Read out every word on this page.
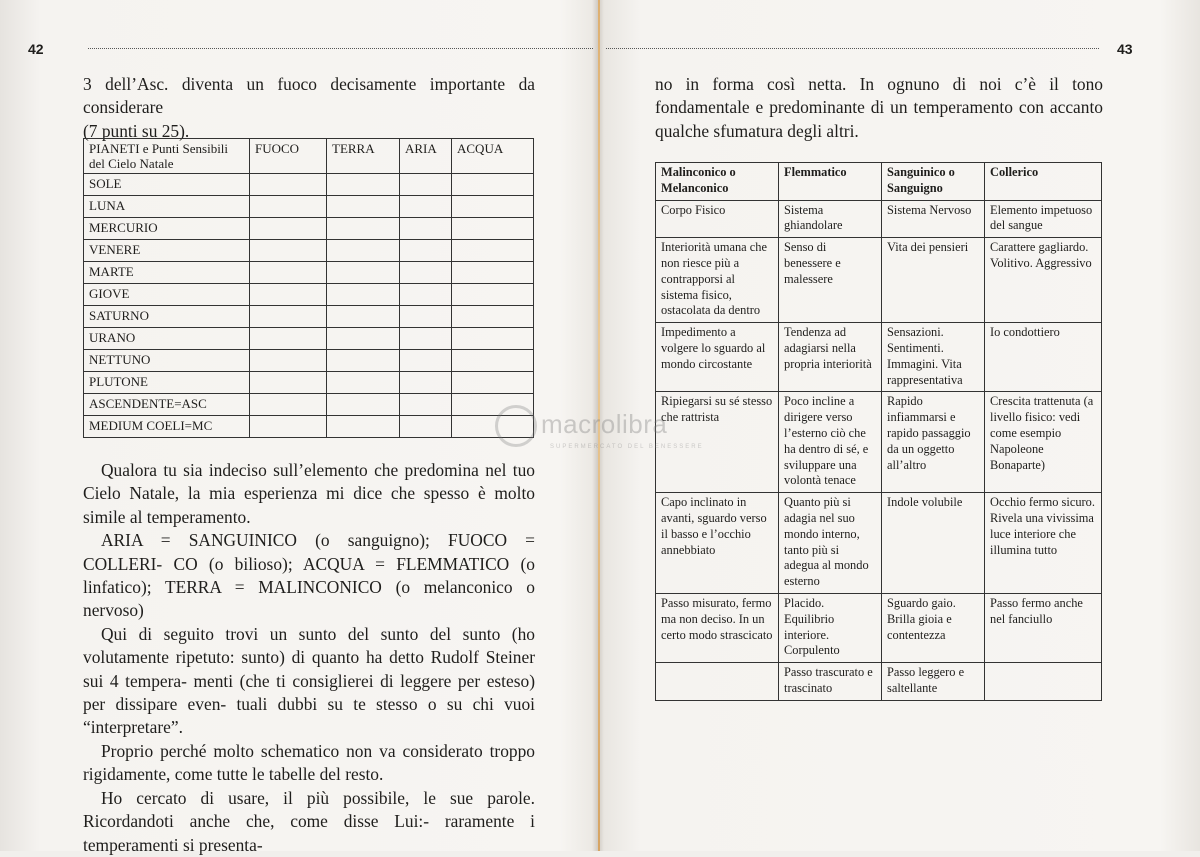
42
3 dell’Asc. diventa un fuoco decisamente importante da considerare
(7 punti su 25).
PIANETI e Punti Sensibili del Cielo Natale	FUOCO	TERRA	ARIA	ACQUA
SOLE				
LUNA				
MERCURIO				
VENERE				
MARTE				
GIOVE				
SATURNO				
URANO				
NETTUNO				
PLUTONE				
ASCENDENTE=ASC				
MEDIUM COELI=MC				
Qualora tu sia indeciso sull’elemento che predomina nel tuo Cielo Natale, la mia esperienza mi dice che spesso è molto simile al temperamento.
ARIA = SANGUINICO (o sanguigno); FUOCO = COLLERI- CO (o bilioso); ACQUA = FLEMMATICO (o linfatico); TERRA = MALINCONICO (o melanconico o nervoso)
Qui di seguito trovi un sunto del sunto del sunto (ho volutamente ripetuto: sunto) di quanto ha detto Rudolf Steiner sui 4 tempera- menti (che ti consiglierei di leggere per esteso) per dissipare even- tuali dubbi su te stesso o su chi vuoi “interpretare”.
Proprio perché molto schematico non va considerato troppo rigidamente, come tutte le tabelle del resto.
Ho cercato di usare, il più possibile, le sue parole. Ricordandoti anche che, come disse Lui:- raramente i temperamenti si presenta-
43
no in forma così netta. In ognuno di noi c’è il tono fondamentale e predominante di un temperamento con accanto qualche sfumatura degli altri.
Malinconico o Melanconico	Flemmatico	Sanguinico o Sanguigno	Collerico
Corpo Fisico	Sistema ghiandolare	Sistema Nervoso	Elemento impetuoso del sangue
Interiorità umana che non riesce più a contrapporsi al sistema fisico, ostacolata da dentro	Senso di benessere e malessere	Vita dei pensieri	Carattere gagliardo. Volitivo. Aggressivo
Impedimento a volgere lo sguardo al mondo circostante	Tendenza ad adagiarsi nella propria interiorità	Sensazioni. Sentimenti. Immagini. Vita rappresentativa	Io condottiero
Ripiegarsi su sé stesso che rattrista	Poco incline a dirigere verso l’esterno ciò che ha dentro di sé, e svilupparе una volontà tenace	Rapido infiammarsi e rapido passaggio da un oggetto all’altro	Crescita trattenuta (a livello fisico: vedi come esempio Napoleone Bonaparte)
Capo inclinato in avanti, sguardo verso il basso e l’occhio annebbiato	Quanto più si adagia nel suo mondo interno, tanto più si adegua al mondo esterno	Indole volubile	Occhio fermo sicuro. Rivela una vivissima luce interiore che illumina tutto
Passo misurato, fermo ma non deciso. In un certo modo strascicato	Placido. Equilibrio interiore. Corpulento	Sguardo gaio. Brilla gioia e contentezza	Passo fermo anche nel fanciullo
	Passo trascurato e trascinato	Passo leggero e saltellante	
macrolibra
SUPERMERCATO DEL BENESSERE
